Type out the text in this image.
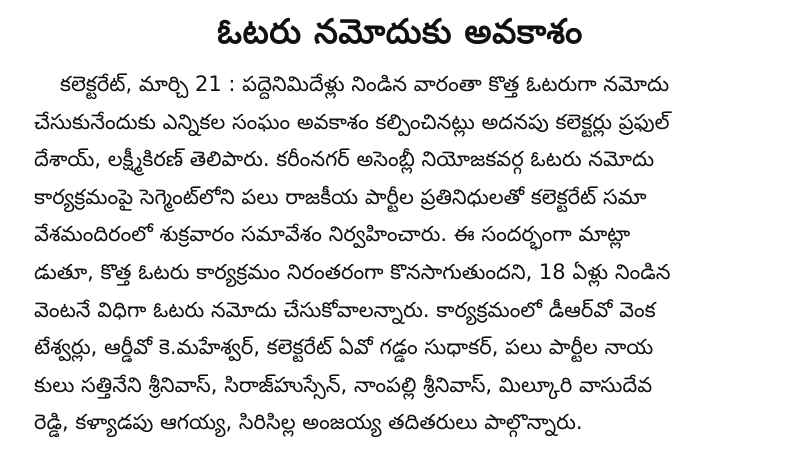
ఓటరు నమోదుకు అవకాశం
కలెక్టరేట్, మార్చి 21 : పద్దెనిమిదేళ్లు నిండిన వారంతా కొత్త ఓటరుగా నమోదు
చేసుకునేందుకు ఎన్నికల సంఘం అవకాశం కల్పించినట్లు అదనపు కలెక్టర్లు ప్రఫుల్
దేశాయ్, లక్ష్మీకిరణ్ తెలిపారు. కరీంనగర్ అసెంబ్లీ నియోజకవర్గ ఓటరు నమోదు
కార్యక్రమంపై సెగ్మెంట్‌లోని పలు రాజకీయ పార్టీల ప్రతినిధులతో కలెక్టరేట్ సమా
వేశమందిరంలో శుక్రవారం సమావేశం నిర్వహించారు. ఈ సందర్భంగా మాట్లా
డుతూ, కొత్త ఓటరు కార్యక్రమం నిరంతరంగా కొనసాగుతుందని, 18 ఏళ్లు నిండిన
వెంటనే విధిగా ఓటరు నమోదు చేసుకోవాలన్నారు. కార్యక్రమంలో డీఆర్‌వో వెంక
టేశ్వర్లు, ఆర్డీవో కె.మహేశ్వర్, కలెక్టరేట్ ఏవో గడ్డం సుధాకర్, పలు పార్టీల నాయ
కులు సత్తినేని శ్రీనివాస్, సిరాజ్‌హుస్సేన్, నాంపల్లి శ్రీనివాస్, మిల్కూరి వాసుదేవ
రెడ్డి, కళ్యాడపు ఆగయ్య, సిరిసిల్ల అంజయ్య తదితరులు పాల్గొన్నారు.
